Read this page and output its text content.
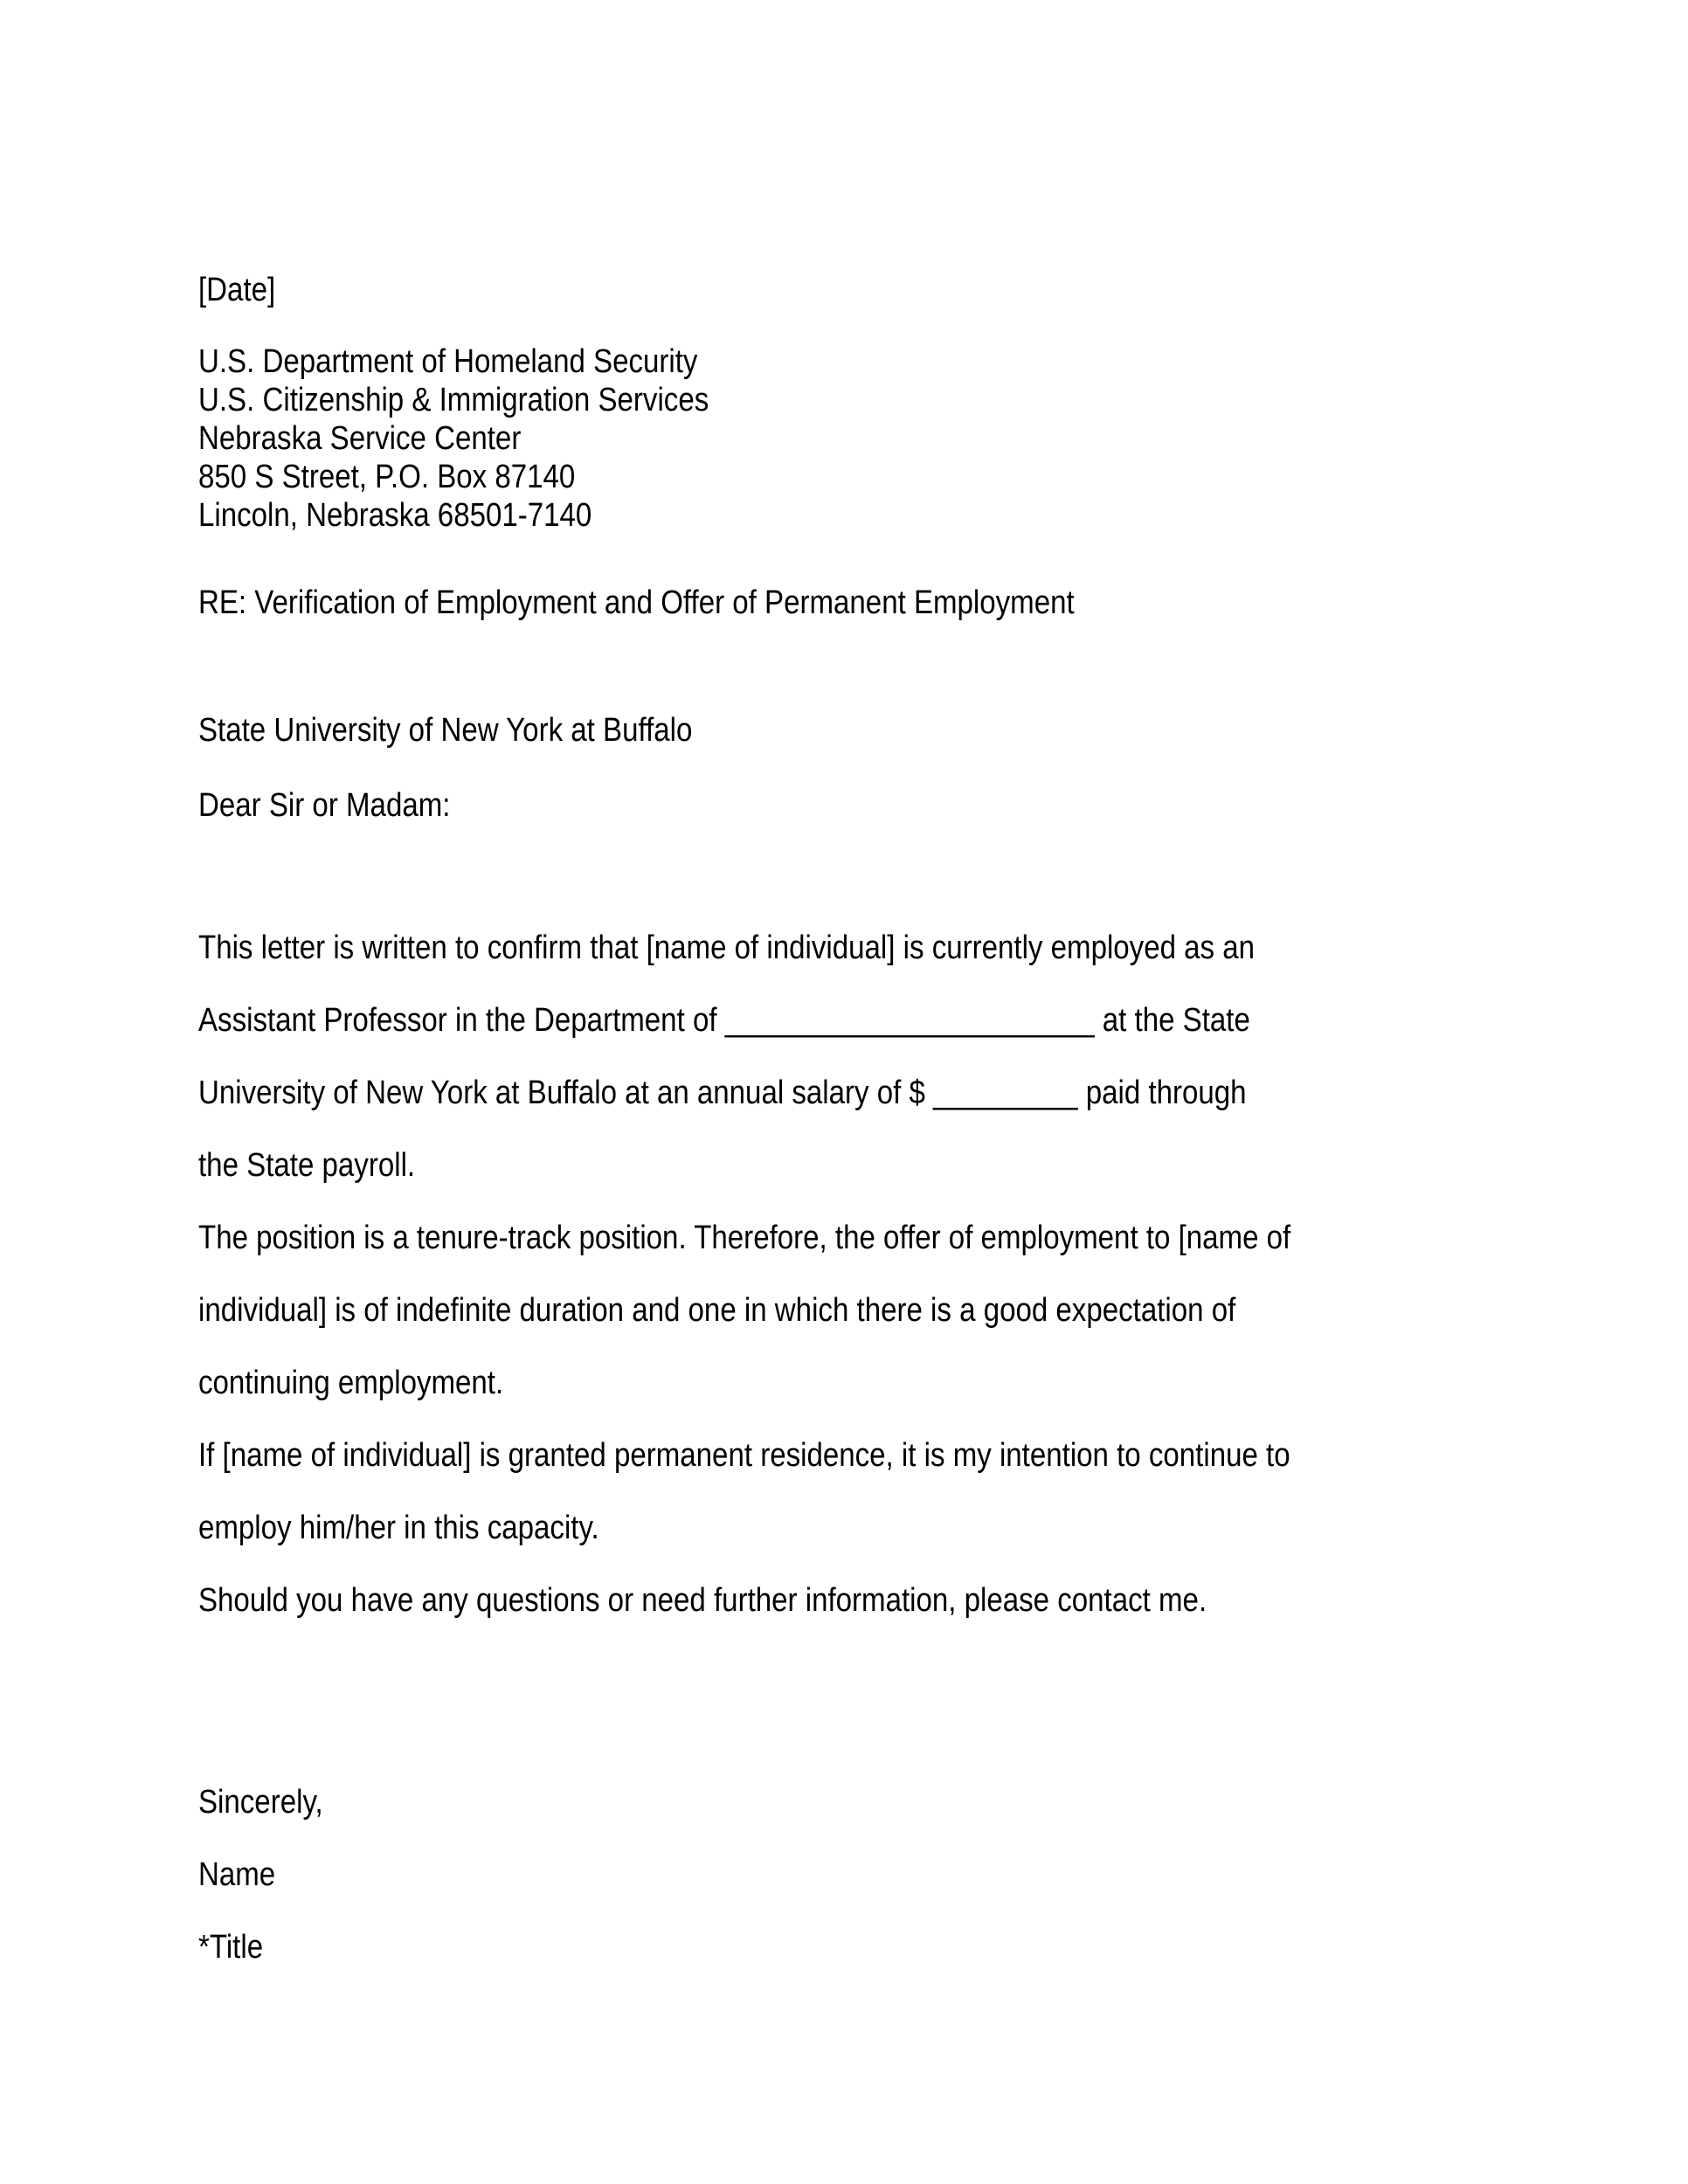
[Date]
U.S. Department of Homeland Security
U.S. Citizenship & Immigration Services
Nebraska Service Center
850 S Street, P.O. Box 87140
Lincoln, Nebraska 68501-7140
RE: Verification of Employment and Offer of Permanent Employment
State University of New York at Buffalo
Dear Sir or Madam:
This letter is written to confirm that [name of individual] is currently employed as an
Assistant Professor in the Department of _______________________ at the State
University of New York at Buffalo at an annual salary of $ _________ paid through
the State payroll.
The position is a tenure-track position. Therefore, the offer of employment to [name of
individual] is of indefinite duration and one in which there is a good expectation of
continuing employment.
If [name of individual] is granted permanent residence, it is my intention to continue to
employ him/her in this capacity.
Should you have any questions or need further information, please contact me.
Sincerely,
Name
*Title
